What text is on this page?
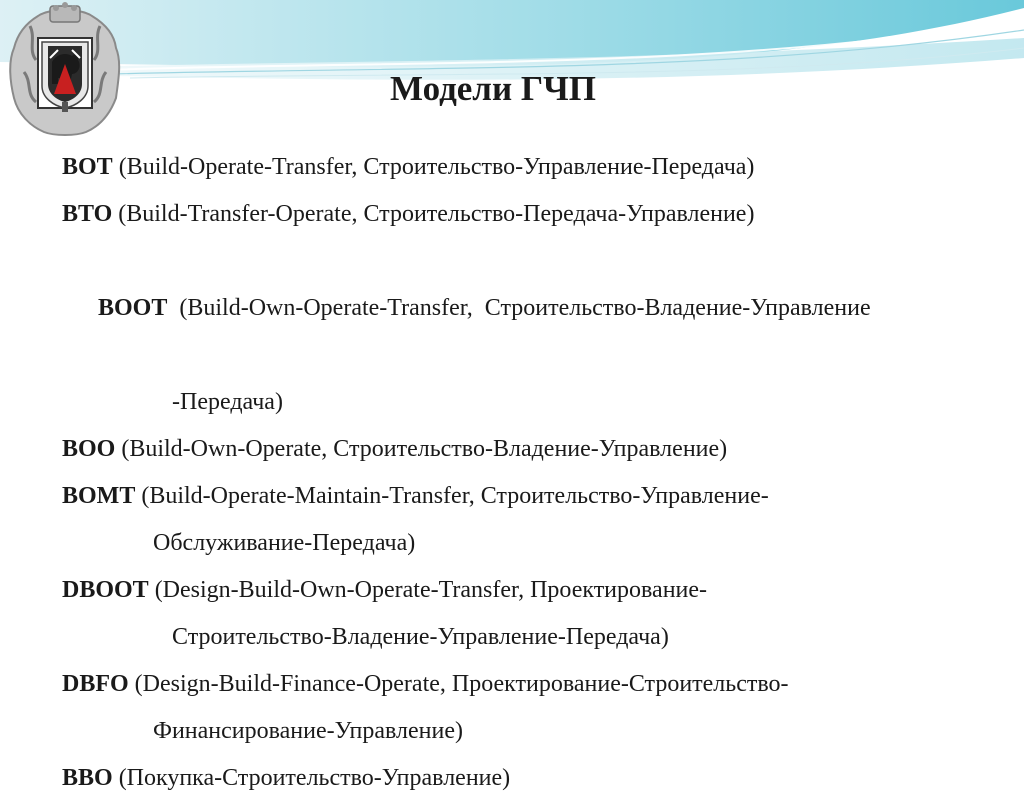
Модели ГЧП
BOT (Build-Operate-Transfer, Строительство-Управление-Передача)
BTO (Build-Transfer-Operate, Строительство-Передача-Управление)

BOOT  (Build-Own-Operate-Transfer,  Строительство-Владение-Управление

-Передача)
BOO (Build-Own-Operate, Строительство-Владение-Управление)
BOMT (Build-Operate-Maintain-Transfer, Строительство-Управление-
Обслуживание-Передача)
DBOOT (Design-Build-Own-Operate-Transfer, Проектирование-
Строительство-Владение-Управление-Передача)
DBFO (Design-Build-Finance-Operate, Проектирование-Строительство-
Финансирование-Управление)
BBO (Покупка-Строительство-Управление)
